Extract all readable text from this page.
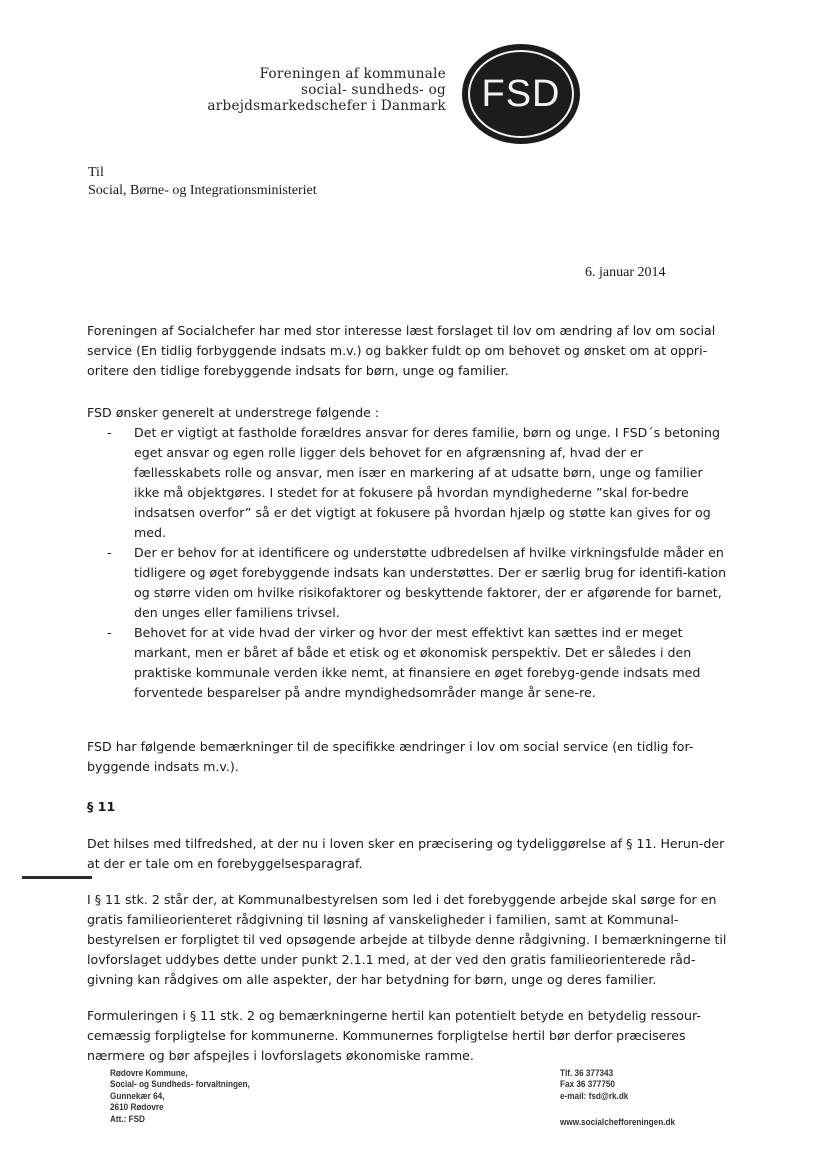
Foreningen af kommunale
social- sundheds- og
arbejdsmarkedschefer i Danmark FSD
Til
Social, Børne- og Integrationsministeriet
6. januar 2014

Foreningen af Socialchefer har med stor interesse læst forslaget til lov om ændring af lov om social service (En tidlig forbyggende indsats m.v.) og bakker fuldt op om behovet og ønsket om at oppri-oritere den tidlige forebyggende indsats for børn, unge og familier.

FSD ønsker generelt at understrege følgende :
- Det er vigtigt at fastholde forældres ansvar for deres familie, børn og unge. I FSD´s betoning eget ansvar og egen rolle ligger dels behovet for en afgrænsning af, hvad der er fællesskabets rolle og ansvar, men især en markering af at udsatte børn, unge og familier ikke må objektgøres. I stedet for at fokusere på hvordan myndighederne ”skal for-bedre indsatsen overfor” så er det vigtigt at fokusere på hvordan hjælp og støtte kan gives for og med.
- Der er behov for at identificere og understøtte udbredelsen af hvilke virkningsfulde måder en tidligere og øget forebyggende indsats kan understøttes. Der er særlig brug for identifi-kation og større viden om hvilke risikofaktorer og beskyttende faktorer, der er afgørende for barnet, den unges eller familiens trivsel.
- Behovet for at vide hvad der virker og hvor der mest effektivt kan sættes ind er meget markant, men er båret af både et etisk og et økonomisk perspektiv. Det er således i den praktiske kommunale verden ikke nemt, at finansiere en øget forebyg-gende indsats med forventede besparelser på andre myndighedsområder mange år sene-re.
FSD har følgende bemærkninger til de specifikke ændringer i lov om social service (en tidlig for-byggende indsats m.v.).
§ 11
Det hilses med tilfredshed, at der nu i loven sker en præcisering og tydeliggørelse af § 11. Herun-der at der er tale om en forebyggelsesparagraf.
I § 11 stk. 2 står der, at Kommunalbestyrelsen som led i det forebyggende arbejde skal sørge for en gratis familieorienteret rådgivning til løsning af vanskeligheder i familien, samt at Kommunal-bestyrelsen er forpligtet til ved opsøgende arbejde at tilbyde denne rådgivning. I bemærkningerne til lovforslaget uddybes dette under punkt 2.1.1 med, at der ved den gratis familieorienterede råd-givning kan rådgives om alle aspekter, der har betydning for børn, unge og deres familier.
Formuleringen i § 11 stk. 2 og bemærkningerne hertil kan potentielt betyde en betydelig ressour-cemæssig forpligtelse for kommunerne. Kommunernes forpligtelse hertil bør derfor præciseres nærmere og bør afspejles i lovforslagets økonomiske ramme.
Rødovre Kommune,
Social- og Sundheds- forvaltningen,
Gunnekær 64,
2610 Rødovre
Att.: FSD
Tlf. 36 377343
Fax 36 377750
e-mail: fsd@rk.dk
www.socialchefforeningen.dk
